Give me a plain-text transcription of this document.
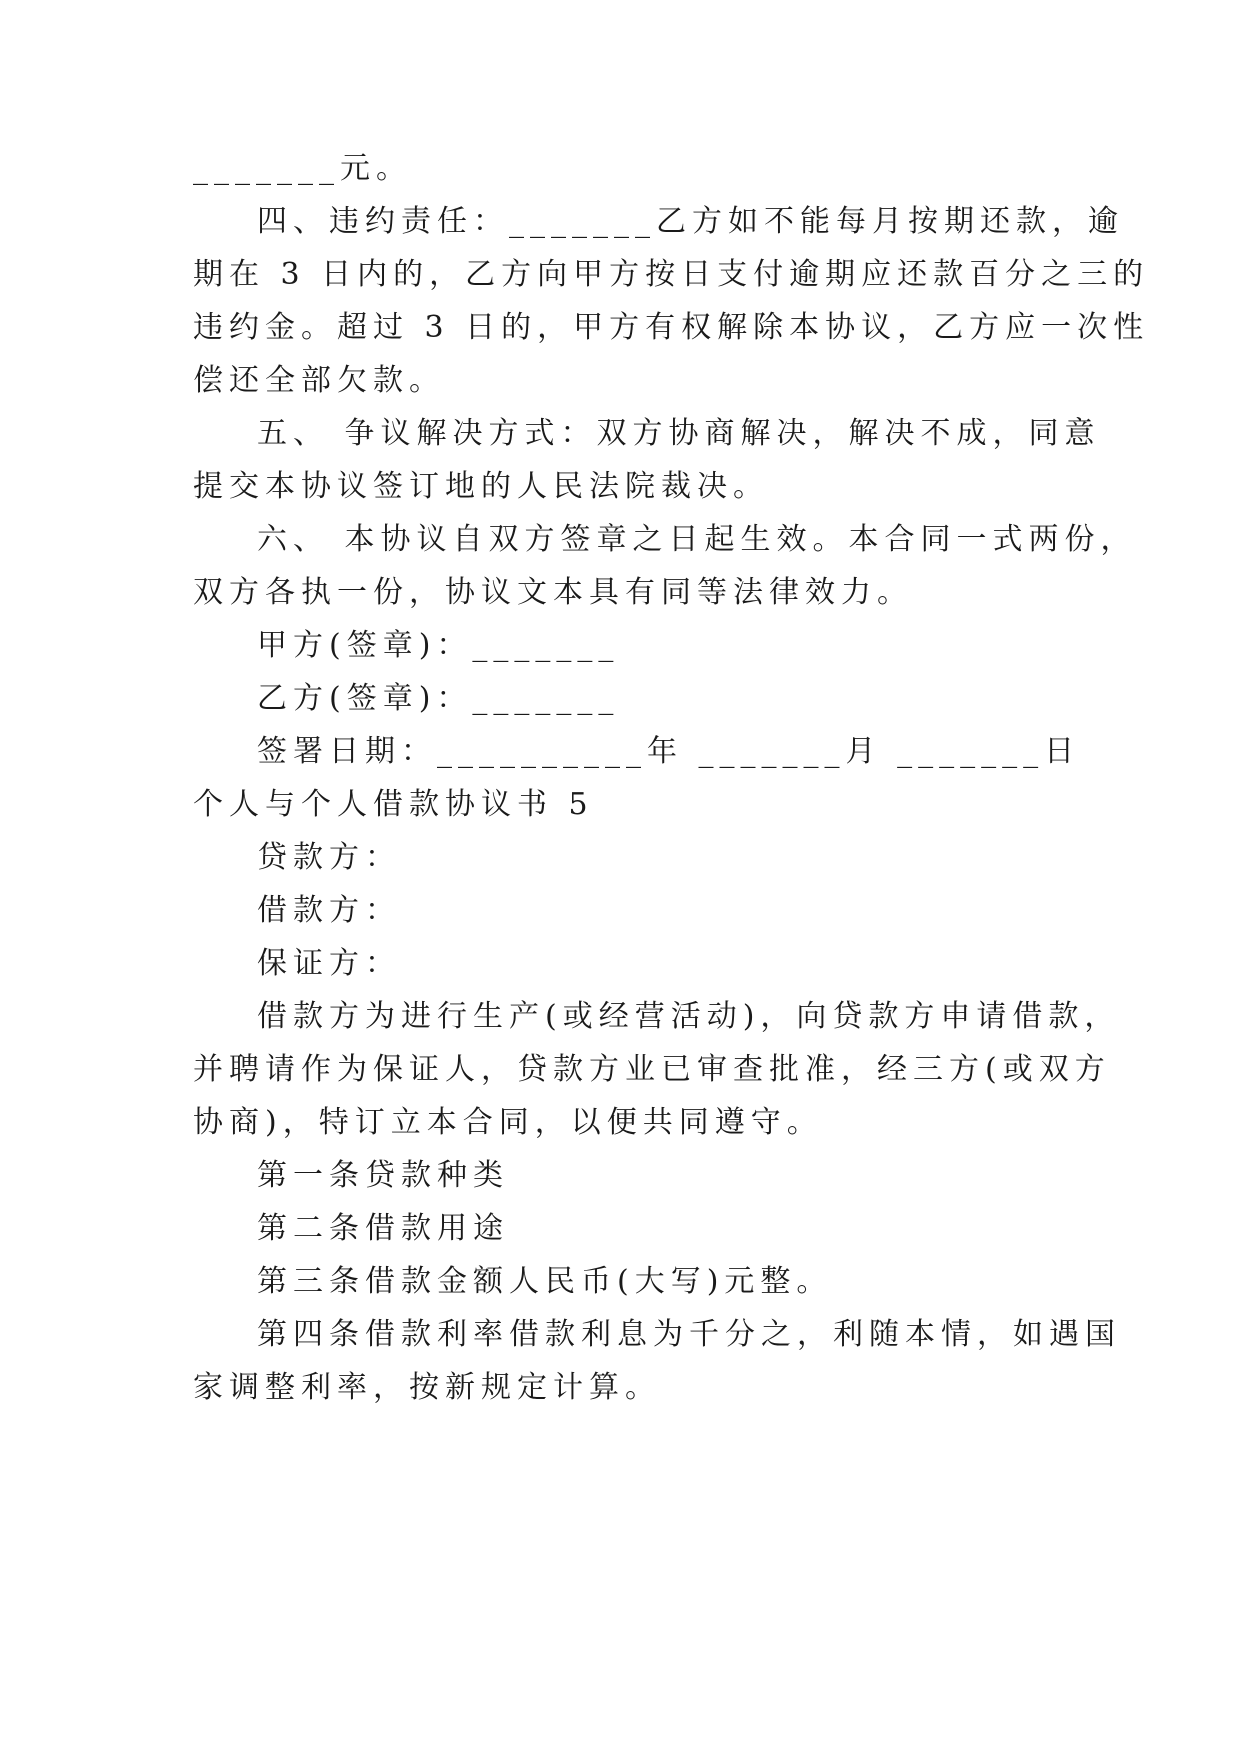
_______元。
四、违约责任：_______乙方如不能每月按期还款，逾
期在 3 日内的，乙方向甲方按日支付逾期应还款百分之三的
违约金。超过 3 日的，甲方有权解除本协议，乙方应一次性
偿还全部欠款。
五、 争议解决方式：双方协商解决，解决不成，同意
提交本协议签订地的人民法院裁决。
六、 本协议自双方签章之日起生效。本合同一式两份，
双方各执一份，协议文本具有同等法律效力。
甲方(签章)：_______
乙方(签章)：_______
签署日期：__________年 _______月 _______日
个人与个人借款协议书 5
贷款方：
借款方：
保证方：
借款方为进行生产(或经营活动)，向贷款方申请借款，
并聘请作为保证人，贷款方业已审查批准，经三方(或双方
协商)，特订立本合同，以便共同遵守。
第一条贷款种类
第二条借款用途
第三条借款金额人民币(大写)元整。
第四条借款利率借款利息为千分之，利随本情，如遇国
家调整利率，按新规定计算。
